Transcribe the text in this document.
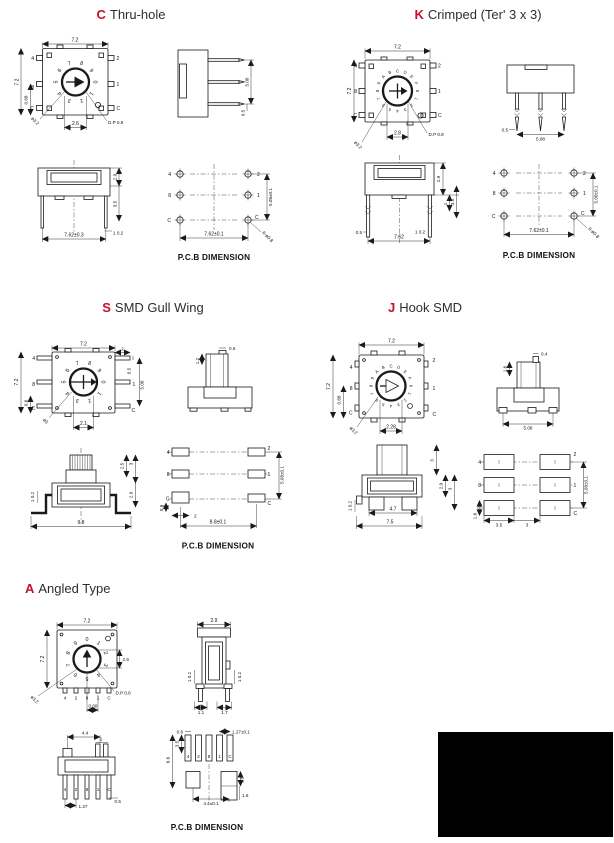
C Thru-hole	K Crimped (Ter' 3 x 3)
S SMD Gull Wing	J Hook SMD
A Angled Type
0
1
2
3
4
5
6
7 8
9
7.2
7.2
0.68
2.6
ø3.2	D.P 0.8
4	2
8	1
C	C
5.08
0.5
2.9
3.5
7.62±0.3	1 0.2
4
8
C
2
1
C
5.08±0.1
7.62±0.1	6-ø0.8
P.C.B DIMENSION
0
1
2
3
4
5
6
7
8
9
A
B C D
E
F
7.2
7.2
2.8	D.P 0.8
ø3.2
4	2
8	1
C	C
0.5
5.08
2.9
1 3.5
0.5
7.62
1 0.2
4
8
C
2
1
C
5.08±0.1
7.62±0.1	6-ø0.8
P.C.B DIMENSION
0
1
2
3
4
5
6
7 8
9
7.2
7.2
0.6
2.1
ø3
2
0.5
5.08
4
8
C
1
C
1.2
0.6
1 0.2
2.5 3
2.9
9.8
4
8
C
2
1
C
0.9
2
8.8±0.1
5.08±0.1
P.C.B DIMENSION
0
1
2
3
4
5
6
7
8
9
A
B C D
E
F
7.2
7.2
0.68
2.28
ø3.2
4
2
8	1
C	C
0.4
1.6
5.08
3
2.9 3
4.7
7.5
1 0.2
4
8
C
2
1
C
5.08±0.1
1.6
3.5	3
0
1
2
3
4
5
6
7
8
9
4 2 8 1 C
7.2
7.2	2.6
0.68
ø3.2
D.P 0.8
2.9
1 0.2	1 0.2
1.1	1.7
4 2 8 1 C
4.4
1
0.5
1.27
4 2 8 1 C
0.6	1.27±0.1
3.5
6.6
4.4±0.1
1.8
1.6
P.C.B DIMENSION
